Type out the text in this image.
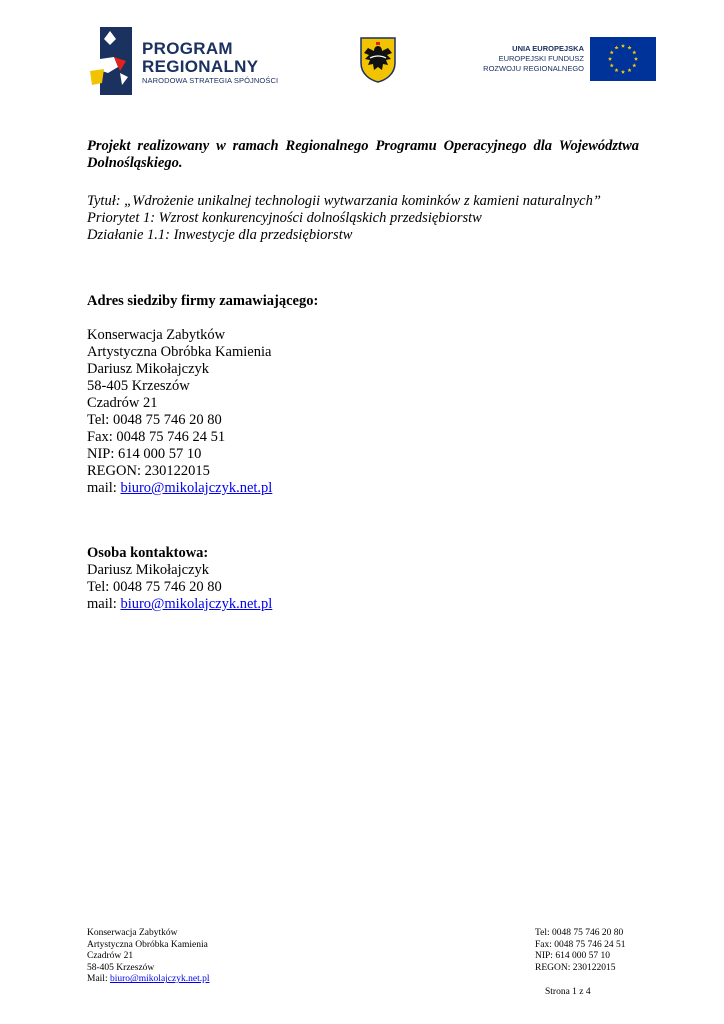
PROGRAM
REGIONALNY
NARODOWA STRATEGIA SPÓJNOŚCI
UNIA EUROPEJSKA
EUROPEJSKI FUNDUSZ
ROZWOJU REGIONALNEGO
Projekt realizowany w ramach Regionalnego Programu Operacyjnego dla Województwa Dolnośląskiego.
Tytuł: „Wdrożenie unikalnej technologii wytwarzania kominków z kamieni naturalnych”
Priorytet 1: Wzrost konkurencyjności dolnośląskich przedsiębiorstw
Działanie 1.1: Inwestycje dla przedsiębiorstw
Adres siedziby firmy zamawiającego:
Konserwacja Zabytków
Artystyczna Obróbka Kamienia
Dariusz Mikołajczyk
58-405 Krzeszów
Czadrów 21
Tel: 0048 75 746 20 80
Fax: 0048 75 746 24 51
NIP: 614 000 57 10
REGON: 230122015
mail: biuro@mikolajczyk.net.pl
Osoba kontaktowa:
Dariusz Mikołajczyk
Tel: 0048 75 746 20 80
mail: biuro@mikolajczyk.net.pl
Konserwacja Zabytków
Artystyczna Obróbka Kamienia
Czadrów 21
58-405 Krzeszów
Mail: biuro@mikolajczyk.net.pl
Tel: 0048 75 746 20 80
Fax: 0048 75 746 24 51
NIP: 614 000 57 10
REGON: 230122015
Strona 1 z 4
